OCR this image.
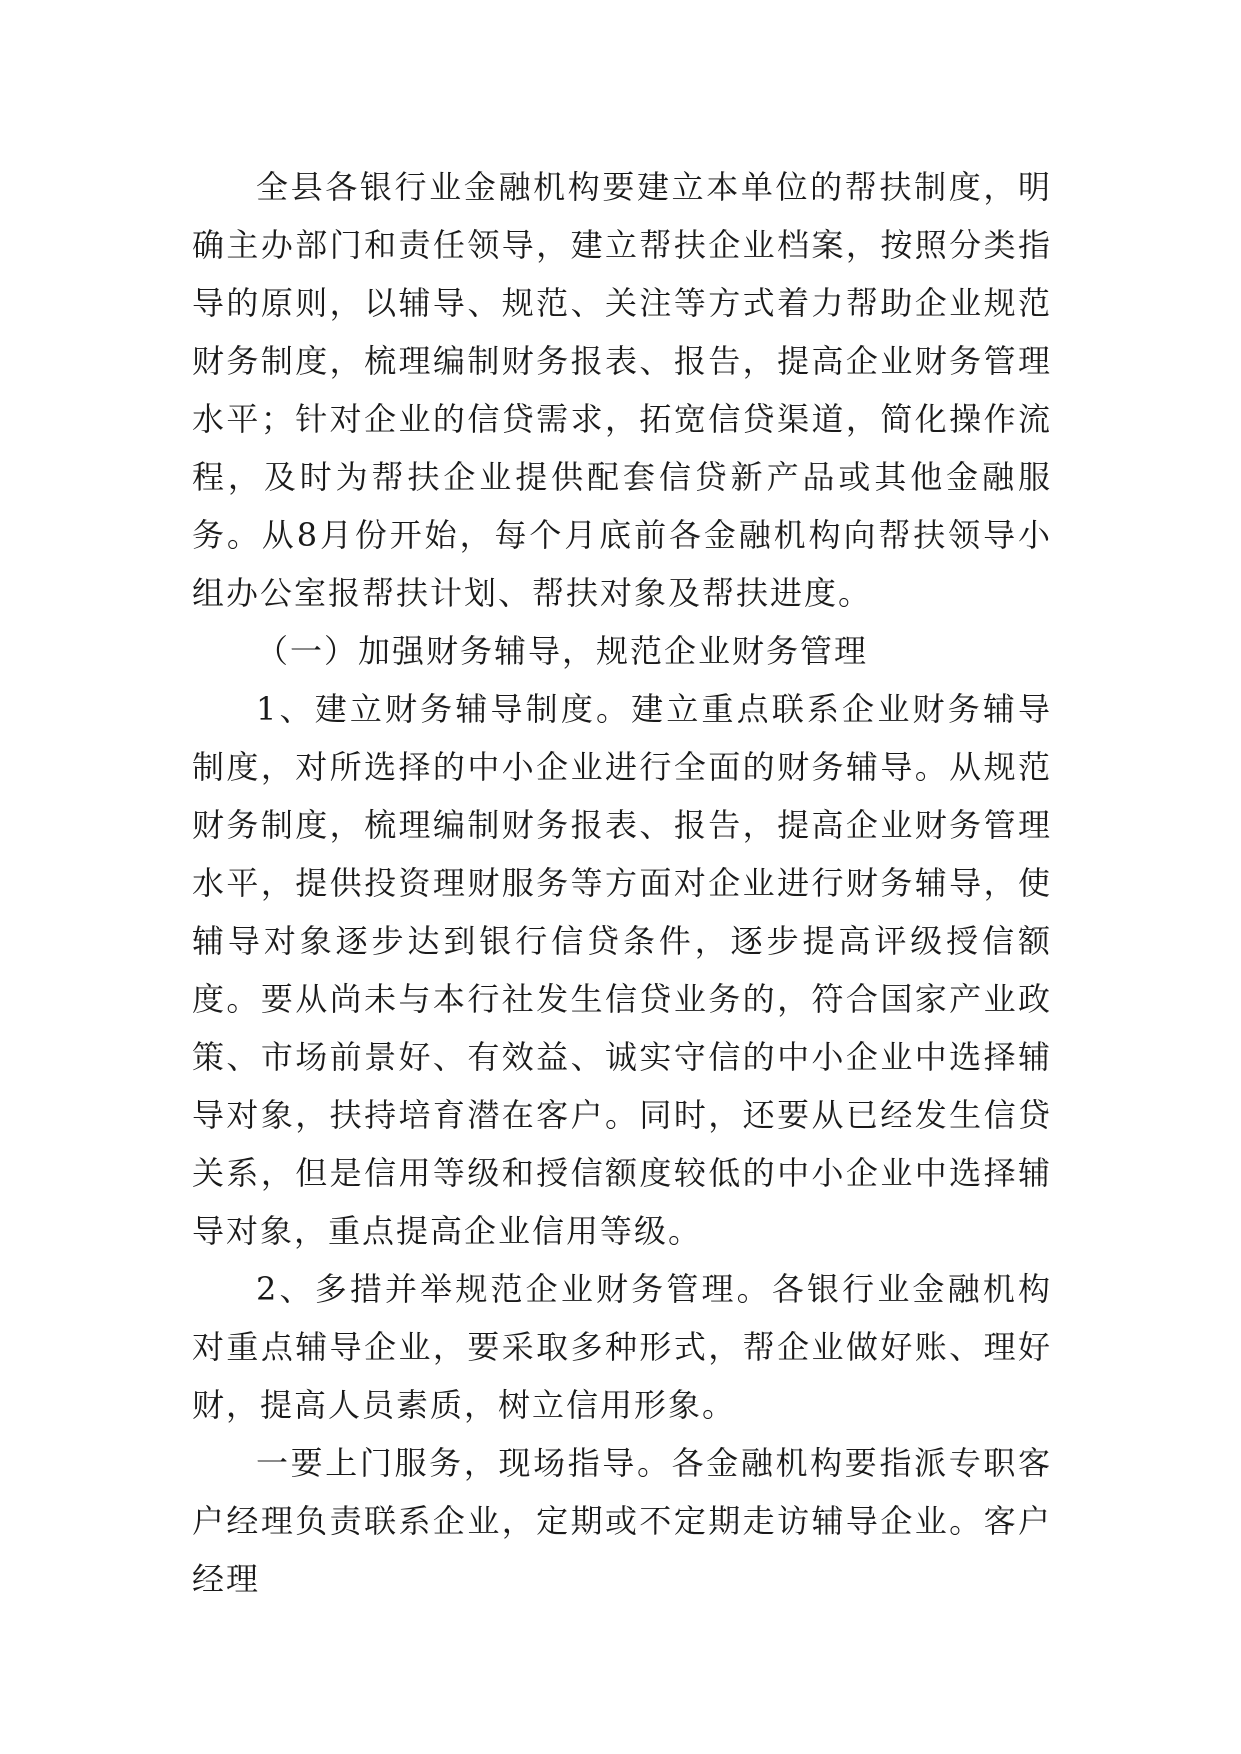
全县各银行业金融机构要建立本单位的帮扶制度，明确主办部门和责任领导，建立帮扶企业档案，按照分类指导的原则，以辅导、规范、关注等方式着力帮助企业规范财务制度，梳理编制财务报表、报告，提高企业财务管理水平；针对企业的信贷需求，拓宽信贷渠道，简化操作流程，及时为帮扶企业提供配套信贷新产品或其他金融服务。从8月份开始，每个月底前各金融机构向帮扶领导小组办公室报帮扶计划、帮扶对象及帮扶进度。

（一）加强财务辅导，规范企业财务管理

1、建立财务辅导制度。建立重点联系企业财务辅导制度，对所选择的中小企业进行全面的财务辅导。从规范财务制度，梳理编制财务报表、报告，提高企业财务管理水平，提供投资理财服务等方面对企业进行财务辅导，使辅导对象逐步达到银行信贷条件，逐步提高评级授信额度。要从尚未与本行社发生信贷业务的，符合国家产业政策、市场前景好、有效益、诚实守信的中小企业中选择辅导对象，扶持培育潜在客户。同时，还要从已经发生信贷关系，但是信用等级和授信额度较低的中小企业中选择辅导对象，重点提高企业信用等级。

2、多措并举规范企业财务管理。各银行业金融机构对重点辅导企业，要采取多种形式，帮企业做好账、理好财，提高人员素质，树立信用形象。

一要上门服务，现场指导。各金融机构要指派专职客户经理负责联系企业，定期或不定期走访辅导企业。客户经理
